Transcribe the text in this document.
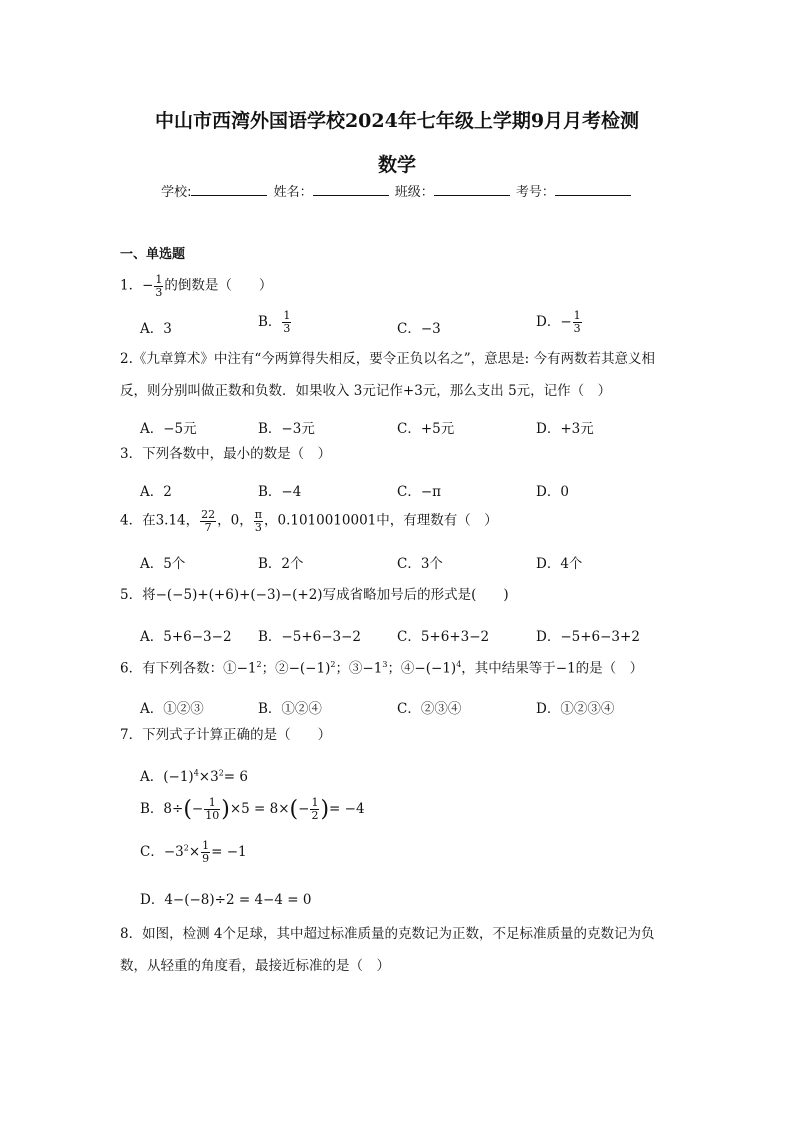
中山市西湾外国语学校2024年七年级上学期9月月考检测
数学
学校:	姓名：	班级：	考号：
一、单选题
1．− $\frac{1}{3}$ 的倒数是（　　）
A．3	B． $\frac{1}{3}$	C．−3	D．− $\frac{1}{3}$
2.《九章算术》中注有“今两算得失相反，要令正负以名之”，意思是: 今有两数若其意义相
反，则分别叫做正数和负数．如果收入 3元记作+3元，那么支出 5元，记作（　）
A．−5元	B．−3元	C．+5元	D．+3元
3．下列各数中，最小的数是（　）
A．2	B．−4	C．−π	D．0
4．在3.14， $\frac{22}{7}$ ，0， $\frac{\pi}{3}$ ，0.1010010001中，有理数有（　）
A．5个	B．2个	C．3个	D．4个
5．将−(−5)+(+6)+(−3)−(+2)写成省略加号后的形式是(　　)
A．5+6−3−2 B．−5+6−3−2	C．5+6+3−2	D．−5+6−3+2
6．有下列各数：$①-1^2$；$②-(-1)^2$；$③-1^3$；$④-(-1)^4$，其中结果等于−1的是（　）
A．①②③	B．①②④	C．②③④	D．①②③④
7．下列式子计算正确的是（　　）
A．$(-1)^4\times 3^2= 6$
B．$8\div(- \frac{1}{10} )\times 5 = 8\times(- \frac{1}{2}$ )= −4
C．$-3^2\times \frac{1}{9} = -1$
D．4−(−8)÷2 = 4−4 = 0
8．如图，检测 4个足球，其中超过标准质量的克数记为正数，不足标准质量的克数记为负
数，从轻重的角度看，最接近标准的是（　）
